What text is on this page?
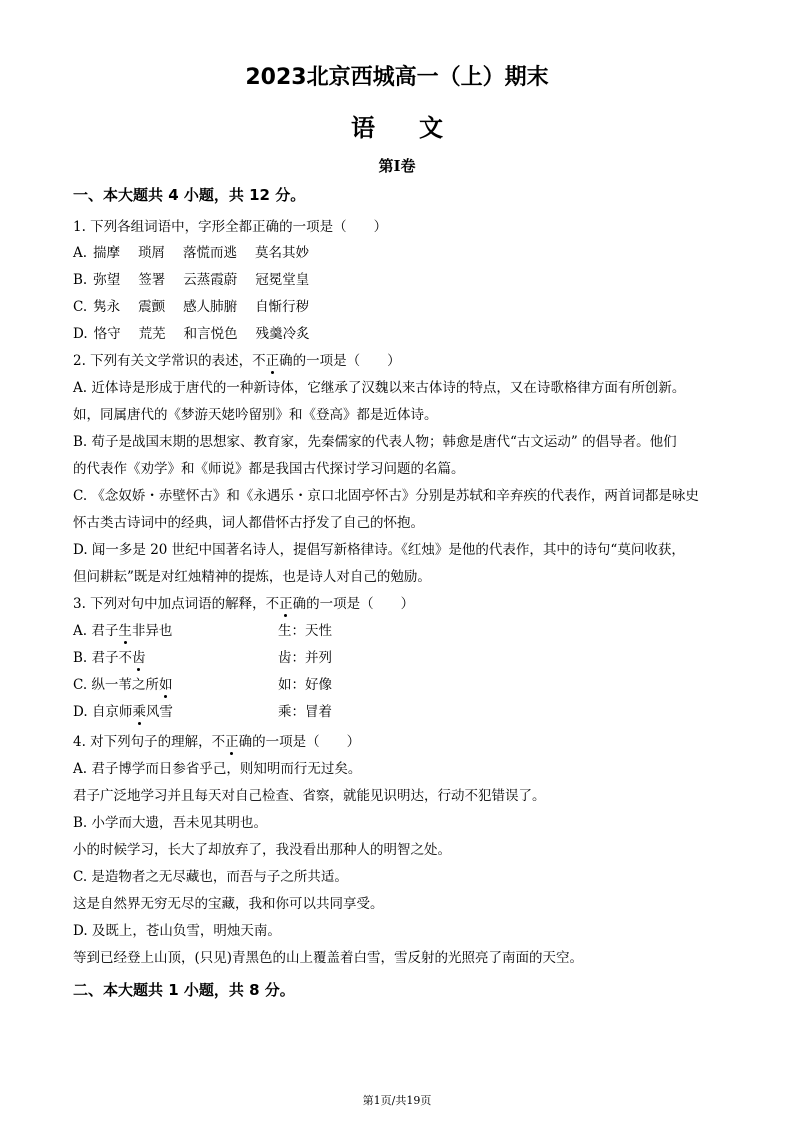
2023北京西城高一（上）期末
语文
第I卷
一、本大题共 4 小题，共 12 分。
1. 下列各组词语中，字形全都正确的一项是（　　）
A. 揣摩 琐屑 落慌而逃 莫名其妙
B. 弥望 签署 云蒸霞蔚 冠冕堂皇
C. 隽永 震颤 感人肺腑 自惭行秽
D. 恪守 荒芜 和言悦色 残羹冷炙
2. 下列有关文学常识的表述，不正确的一项是（　　）
A. 近体诗是形成于唐代的一种新诗体，它继承了汉魏以来古体诗的特点，又在诗歌格律方面有所创新。
如，同属唐代的《梦游天姥吟留别》和《登高》都是近体诗。
B. 荀子是战国末期的思想家、教育家，先秦儒家的代表人物；韩愈是唐代“古文运动” 的倡导者。他们
的代表作《劝学》和《师说》都是我国古代探讨学习问题的名篇。
C. 《念奴娇・赤壁怀古》和《永遇乐・京口北固亭怀古》分别是苏轼和辛弃疾的代表作，两首词都是咏史
怀古类古诗词中的经典，词人都借怀古抒发了自己的怀抱。
D. 闻一多是 20 世纪中国著名诗人，提倡写新格律诗。《红烛》是他的代表作，其中的诗句“莫问收获，
但问耕耘”既是对红烛精神的提炼，也是诗人对自己的勉励。
3. 下列对句中加点词语的解释，不正确的一项是（　　）
A. 君子生非异也	生：天性
B. 君子不齿	齿：并列
C. 纵一苇之所如	如：好像
D. 自京师乘风雪	乘：冒着
4. 对下列句子的理解，不正确的一项是（　　）
A. 君子博学而日参省乎己，则知明而行无过矣。
君子广泛地学习并且每天对自己检查、省察，就能见识明达，行动不犯错误了。
B. 小学而大遗，吾未见其明也。
小的时候学习，长大了却放弃了，我没看出那种人的明智之处。
C. 是造物者之无尽藏也，而吾与子之所共适。
这是自然界无穷无尽的宝藏，我和你可以共同享受。
D. 及既上，苍山负雪，明烛天南。
等到已经登上山顶，(只见)青黑色的山上覆盖着白雪，雪反射的光照亮了南面的天空。
二、本大题共 1 小题，共 8 分。
第1页/共19页
